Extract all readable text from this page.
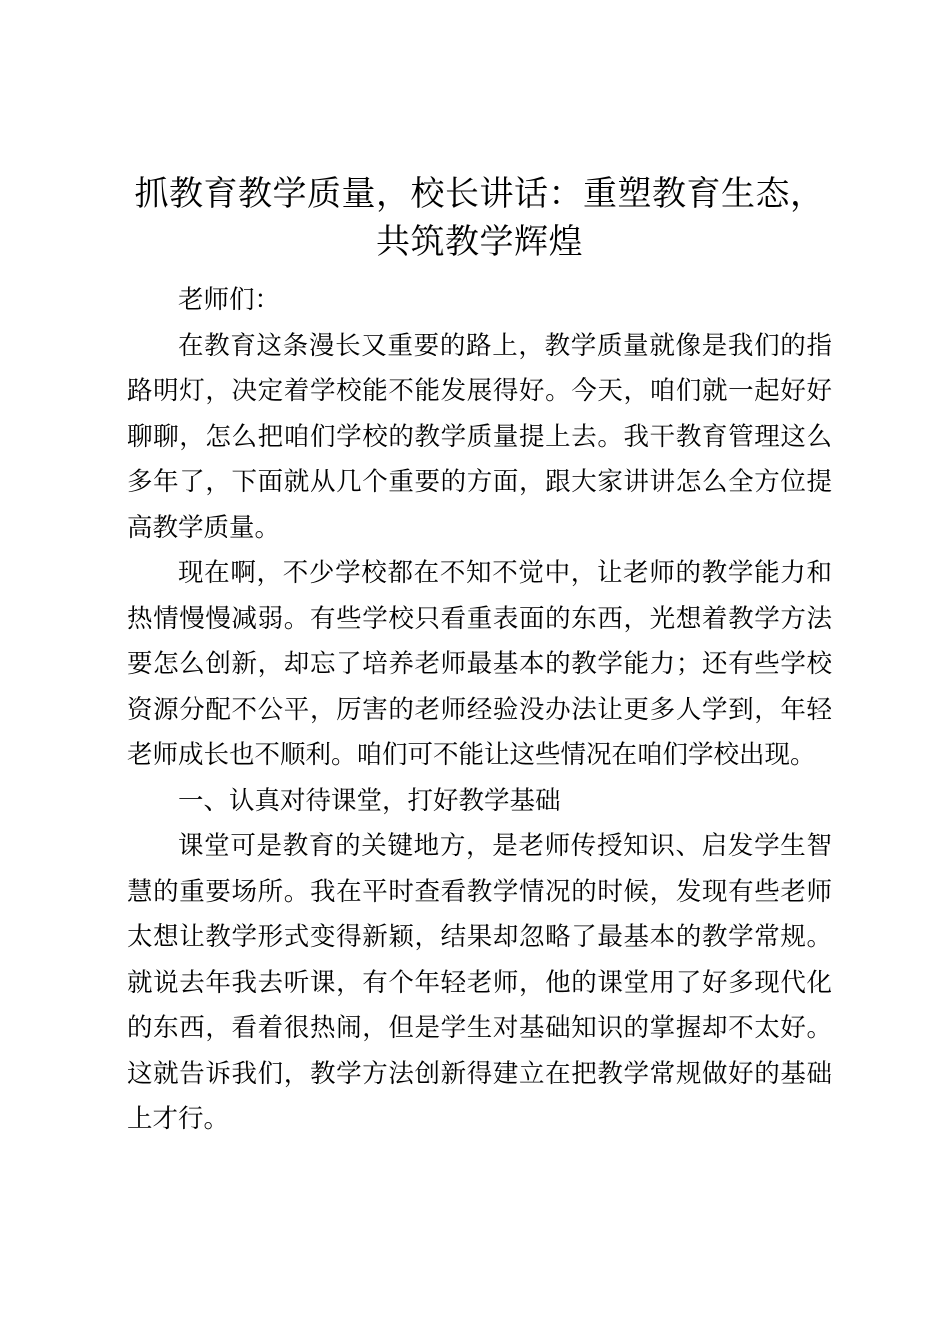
抓教育教学质量，校长讲话：重塑教育生态，
共筑教学辉煌

老师们：

在教育这条漫长又重要的路上，教学质量就像是我们的指
路明灯，决定着学校能不能发展得好。今天，咱们就一起好好
聊聊，怎么把咱们学校的教学质量提上去。我干教育管理这么
多年了，下面就从几个重要的方面，跟大家讲讲怎么全方位提
高教学质量。

现在啊，不少学校都在不知不觉中，让老师的教学能力和
热情慢慢减弱。有些学校只看重表面的东西，光想着教学方法
要怎么创新，却忘了培养老师最基本的教学能力；还有些学校
资源分配不公平，厉害的老师经验没办法让更多人学到，年轻
老师成长也不顺利。咱们可不能让这些情况在咱们学校出现。

一、认真对待课堂，打好教学基础

课堂可是教育的关键地方，是老师传授知识、启发学生智
慧的重要场所。我在平时查看教学情况的时候，发现有些老师
太想让教学形式变得新颖，结果却忽略了最基本的教学常规。
就说去年我去听课，有个年轻老师，他的课堂用了好多现代化
的东西，看着很热闹，但是学生对基础知识的掌握却不太好。
这就告诉我们，教学方法创新得建立在把教学常规做好的基础
上才行。
